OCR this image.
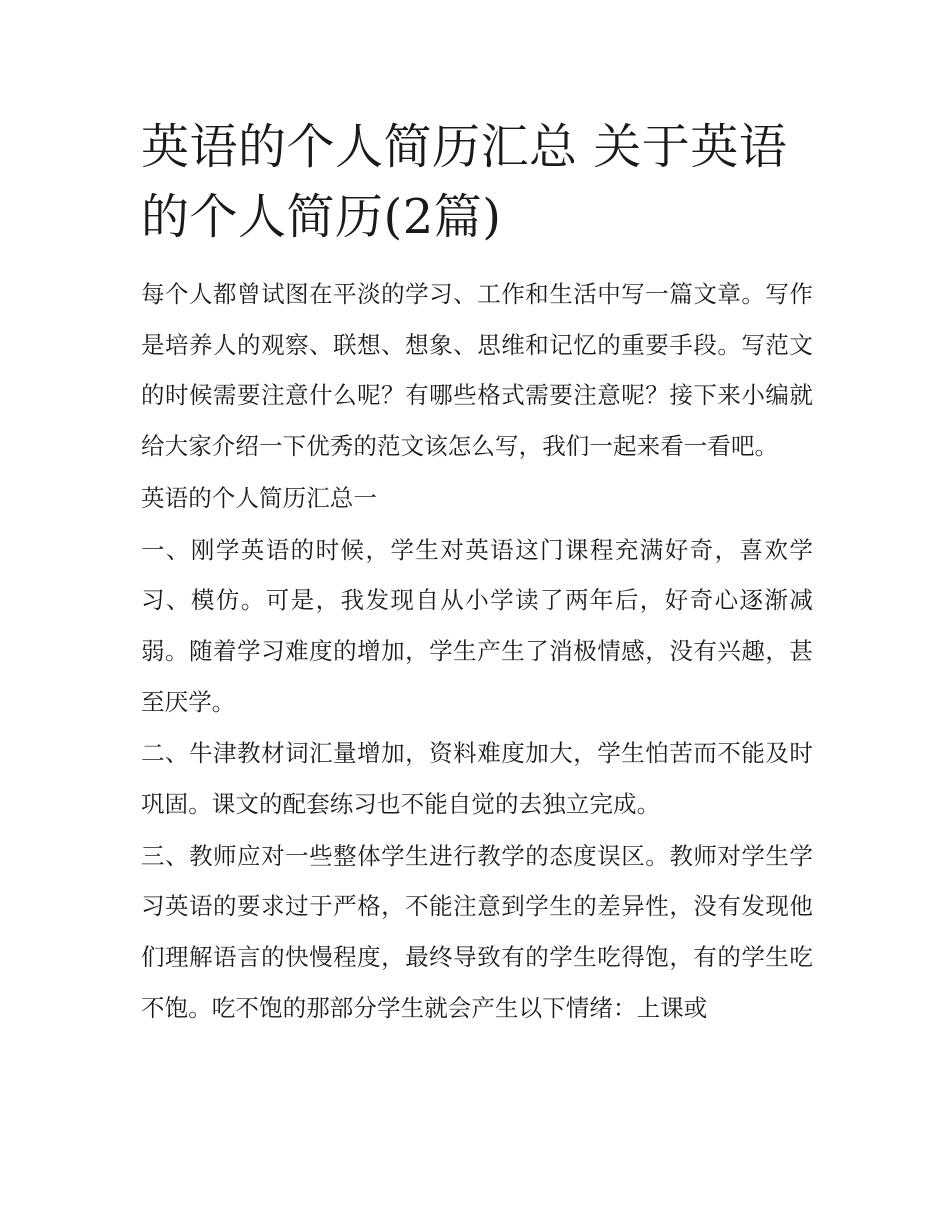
英语的个人简历汇总 关于英语的个人简历(2篇)

每个人都曾试图在平淡的学习、工作和生活中写一篇文章。写作是培养人的观察、联想、想象、思维和记忆的重要手段。写范文的时候需要注意什么呢？有哪些格式需要注意呢？接下来小编就给大家介绍一下优秀的范文该怎么写，我们一起来看一看吧。

英语的个人简历汇总一

一、刚学英语的时候，学生对英语这门课程充满好奇，喜欢学习、模仿。可是，我发现自从小学读了两年后，好奇心逐渐减弱。随着学习难度的增加，学生产生了消极情感，没有兴趣，甚至厌学。

二、牛津教材词汇量增加，资料难度加大，学生怕苦而不能及时巩固。课文的配套练习也不能自觉的去独立完成。

三、教师应对一些整体学生进行教学的态度误区。教师对学生学习英语的要求过于严格，不能注意到学生的差异性，没有发现他们理解语言的快慢程度，最终导致有的学生吃得饱，有的学生吃不饱。吃不饱的那部分学生就会产生以下情绪：上课或
